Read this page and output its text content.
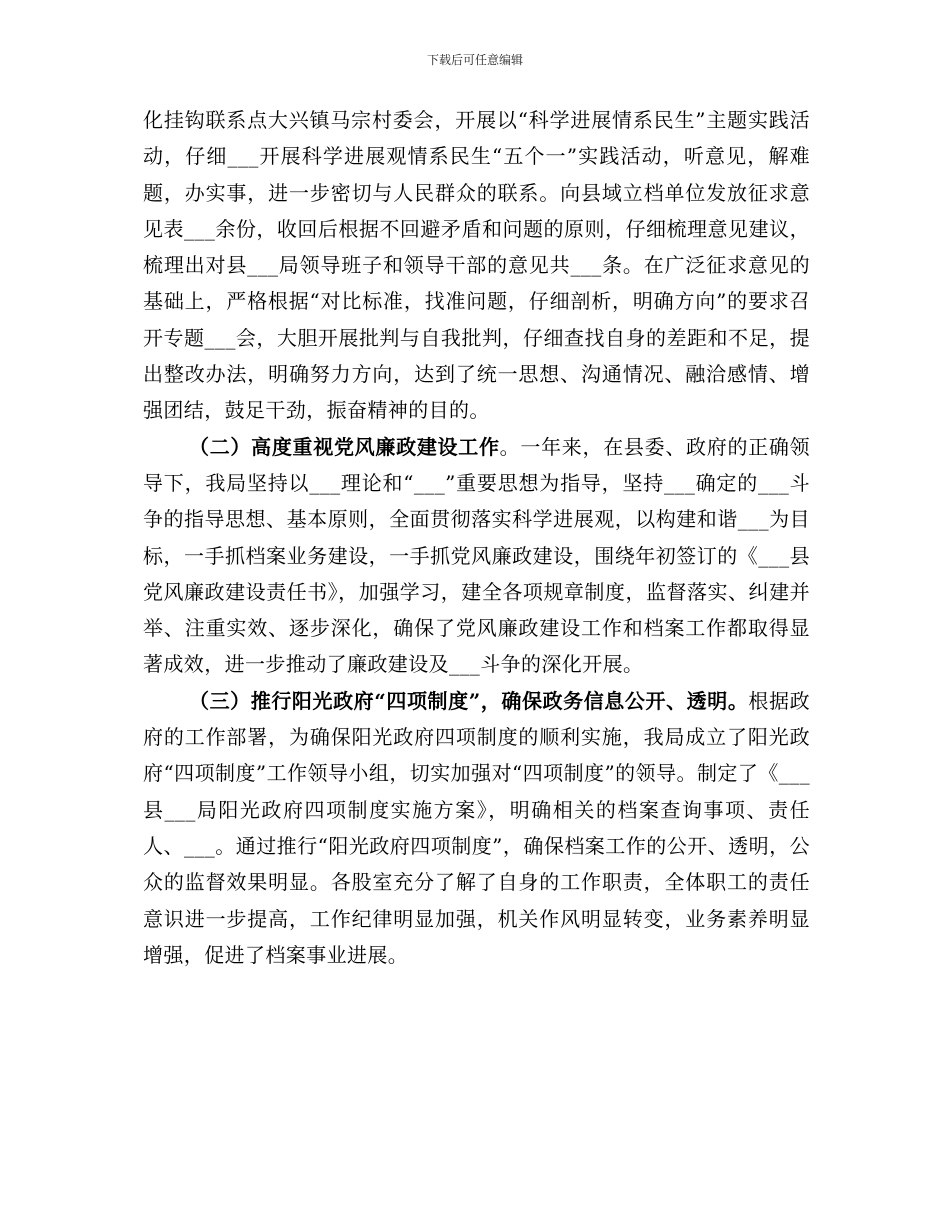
下载后可任意编辑

化挂钩联系点大兴镇马宗村委会，开展以“科学进展情系民生”主题实践活动，仔细___开展科学进展观情系民生“五个一”实践活动，听意见，解难题，办实事，进一步密切与人民群众的联系。向县域立档单位发放征求意见表___余份，收回后根据不回避矛盾和问题的原则，仔细梳理意见建议，梳理出对县___局领导班子和领导干部的意见共___条。在广泛征求意见的基础上，严格根据“对比标准，找准问题，仔细剖析，明确方向”的要求召开专题___会，大胆开展批判与自我批判，仔细查找自身的差距和不足，提出整改办法，明确努力方向，达到了统一思想、沟通情况、融洽感情、增强团结，鼓足干劲，振奋精神的目的。

（二）高度重视党风廉政建设工作。一年来，在县委、政府的正确领导下，我局坚持以___理论和“___”重要思想为指导，坚持___确定的___斗争的指导思想、基本原则，全面贯彻落实科学进展观，以构建和谐___为目标，一手抓档案业务建设，一手抓党风廉政建设，围绕年初签订的《___县党风廉政建设责任书》，加强学习，建全各项规章制度，监督落实、纠建并举、注重实效、逐步深化，确保了党风廉政建设工作和档案工作都取得显著成效，进一步推动了廉政建设及___斗争的深化开展。

（三）推行阳光政府“四项制度”，确保政务信息公开、透明。根据政府的工作部署，为确保阳光政府四项制度的顺利实施，我局成立了阳光政府“四项制度”工作领导小组，切实加强对“四项制度”的领导。制定了《___县___局阳光政府四项制度实施方案》，明确相关的档案查询事项、责任人、___。通过推行“阳光政府四项制度”，确保档案工作的公开、透明，公众的监督效果明显。各股室充分了解了自身的工作职责，全体职工的责任意识进一步提高，工作纪律明显加强，机关作风明显转变，业务素养明显增强，促进了档案事业进展。
